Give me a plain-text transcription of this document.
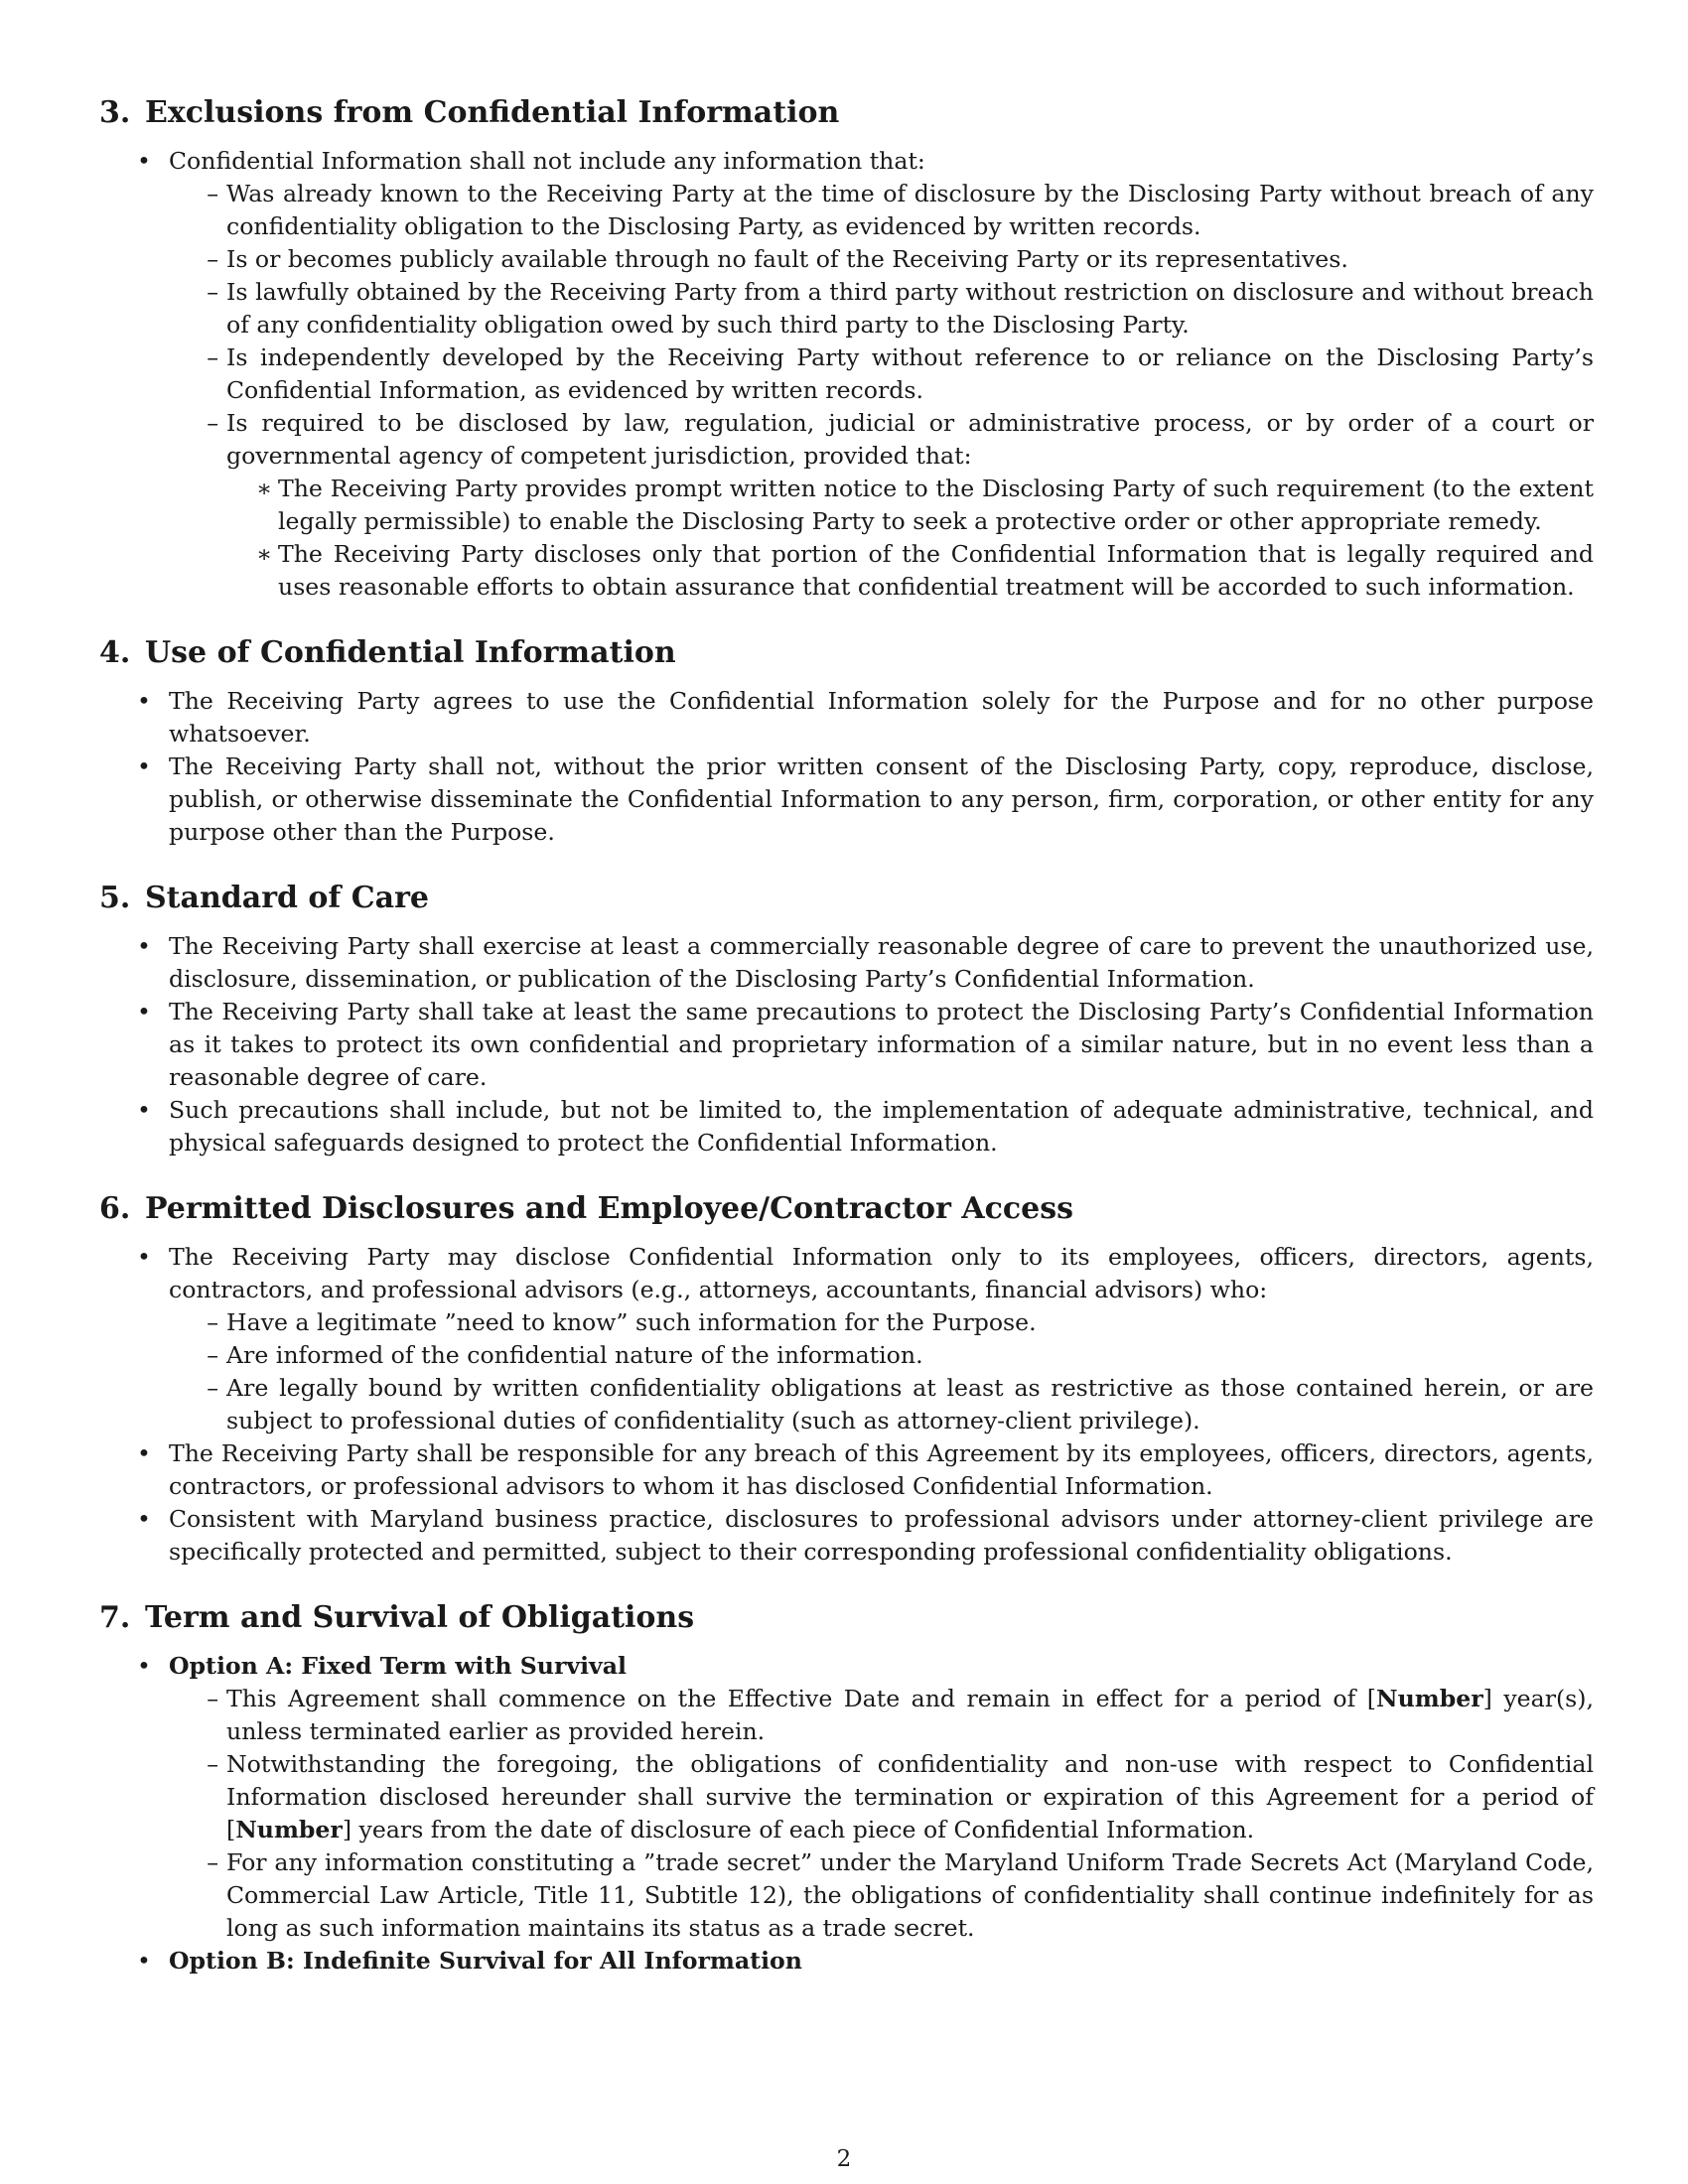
3. Exclusions from Confidential Information
• Confidential Information shall not include any information that:
– Was already known to the Receiving Party at the time of disclosure by the Disclosing Party without breach of any confidentiality obligation to the Disclosing Party, as evidenced by written records.
– Is or becomes publicly available through no fault of the Receiving Party or its representatives.
– Is lawfully obtained by the Receiving Party from a third party without restriction on disclosure and without breach of any confidentiality obligation owed by such third party to the Disclosing Party.
– Is independently developed by the Receiving Party without reference to or reliance on the Disclosing Party’s Confidential Information, as evidenced by written records.
– Is required to be disclosed by law, regulation, judicial or administrative process, or by order of a court or governmental agency of competent jurisdiction, provided that:
∗ The Receiving Party provides prompt written notice to the Disclosing Party of such requirement (to the extent legally permissible) to enable the Disclosing Party to seek a protective order or other appropriate remedy.
∗ The Receiving Party discloses only that portion of the Confidential Information that is legally required and uses reasonable efforts to obtain assurance that confidential treatment will be accorded to such information.
4. Use of Confidential Information
• The Receiving Party agrees to use the Confidential Information solely for the Purpose and for no other purpose whatsoever.
• The Receiving Party shall not, without the prior written consent of the Disclosing Party, copy, reproduce, disclose, publish, or otherwise disseminate the Confidential Information to any person, firm, corporation, or other entity for any purpose other than the Purpose.
5. Standard of Care
• The Receiving Party shall exercise at least a commercially reasonable degree of care to prevent the unauthorized use, disclosure, dissemination, or publication of the Disclosing Party’s Confidential Information.
• The Receiving Party shall take at least the same precautions to protect the Disclosing Party’s Confidential Information as it takes to protect its own confidential and proprietary information of a similar nature, but in no event less than a reasonable degree of care.
• Such precautions shall include, but not be limited to, the implementation of adequate administrative, technical, and physical safeguards designed to protect the Confidential Information.
6. Permitted Disclosures and Employee/Contractor Access
• The Receiving Party may disclose Confidential Information only to its employees, officers, directors, agents, contractors, and professional advisors (e.g., attorneys, accountants, financial advisors) who:
– Have a legitimate ”need to know” such information for the Purpose.
– Are informed of the confidential nature of the information.
– Are legally bound by written confidentiality obligations at least as restrictive as those contained herein, or are subject to professional duties of confidentiality (such as attorney-client privilege).
• The Receiving Party shall be responsible for any breach of this Agreement by its employees, officers, directors, agents, contractors, or professional advisors to whom it has disclosed Confidential Information.
• Consistent with Maryland business practice, disclosures to professional advisors under attorney-client privilege are specifically protected and permitted, subject to their corresponding professional confidentiality obligations.
7. Term and Survival of Obligations
• Option A: Fixed Term with Survival
– This Agreement shall commence on the Effective Date and remain in effect for a period of [Number] year(s), unless terminated earlier as provided herein.
– Notwithstanding the foregoing, the obligations of confidentiality and non-use with respect to Confidential Information disclosed hereunder shall survive the termination or expiration of this Agreement for a period of [Number] years from the date of disclosure of each piece of Confidential Information.
– For any information constituting a ”trade secret” under the Maryland Uniform Trade Secrets Act (Maryland Code, Commercial Law Article, Title 11, Subtitle 12), the obligations of confidentiality shall continue indefinitely for as long as such information maintains its status as a trade secret.
• Option B: Indefinite Survival for All Information
2
